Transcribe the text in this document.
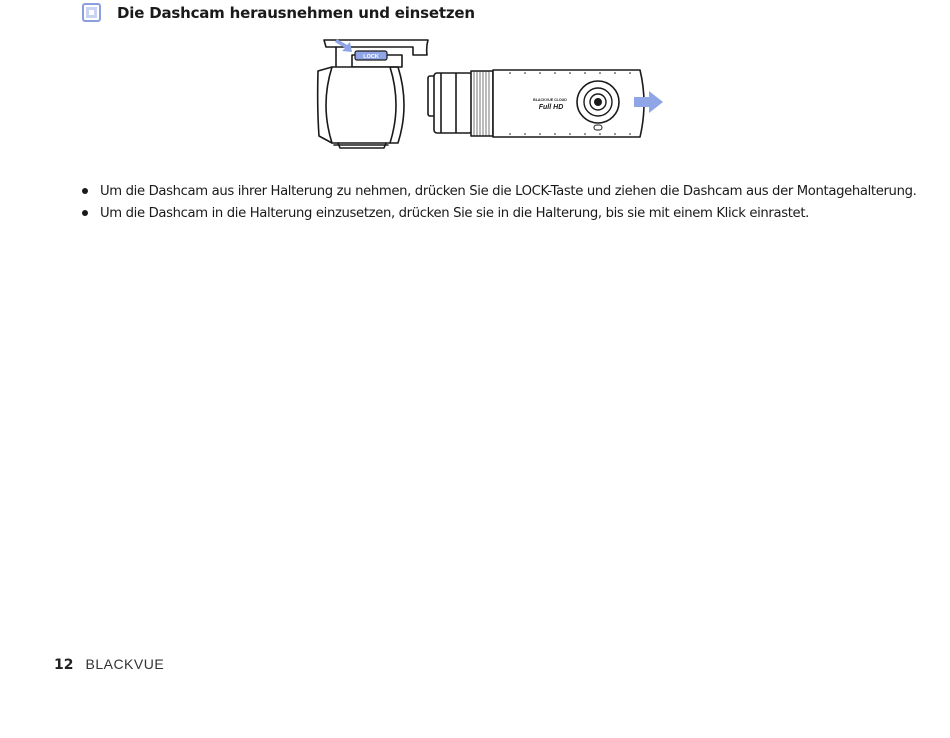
Die Dashcam herausnehmen und einsetzen
LOCK
BLACKVUE CLOUD
Full HD
Um die Dashcam aus ihrer Halterung zu nehmen, drücken Sie die LOCK-Taste und ziehen die Dashcam aus der Montagehalterung.
Um die Dashcam in die Halterung einzusetzen, drücken Sie sie in die Halterung, bis sie mit einem Klick einrastet.
12 BLACKVUE
